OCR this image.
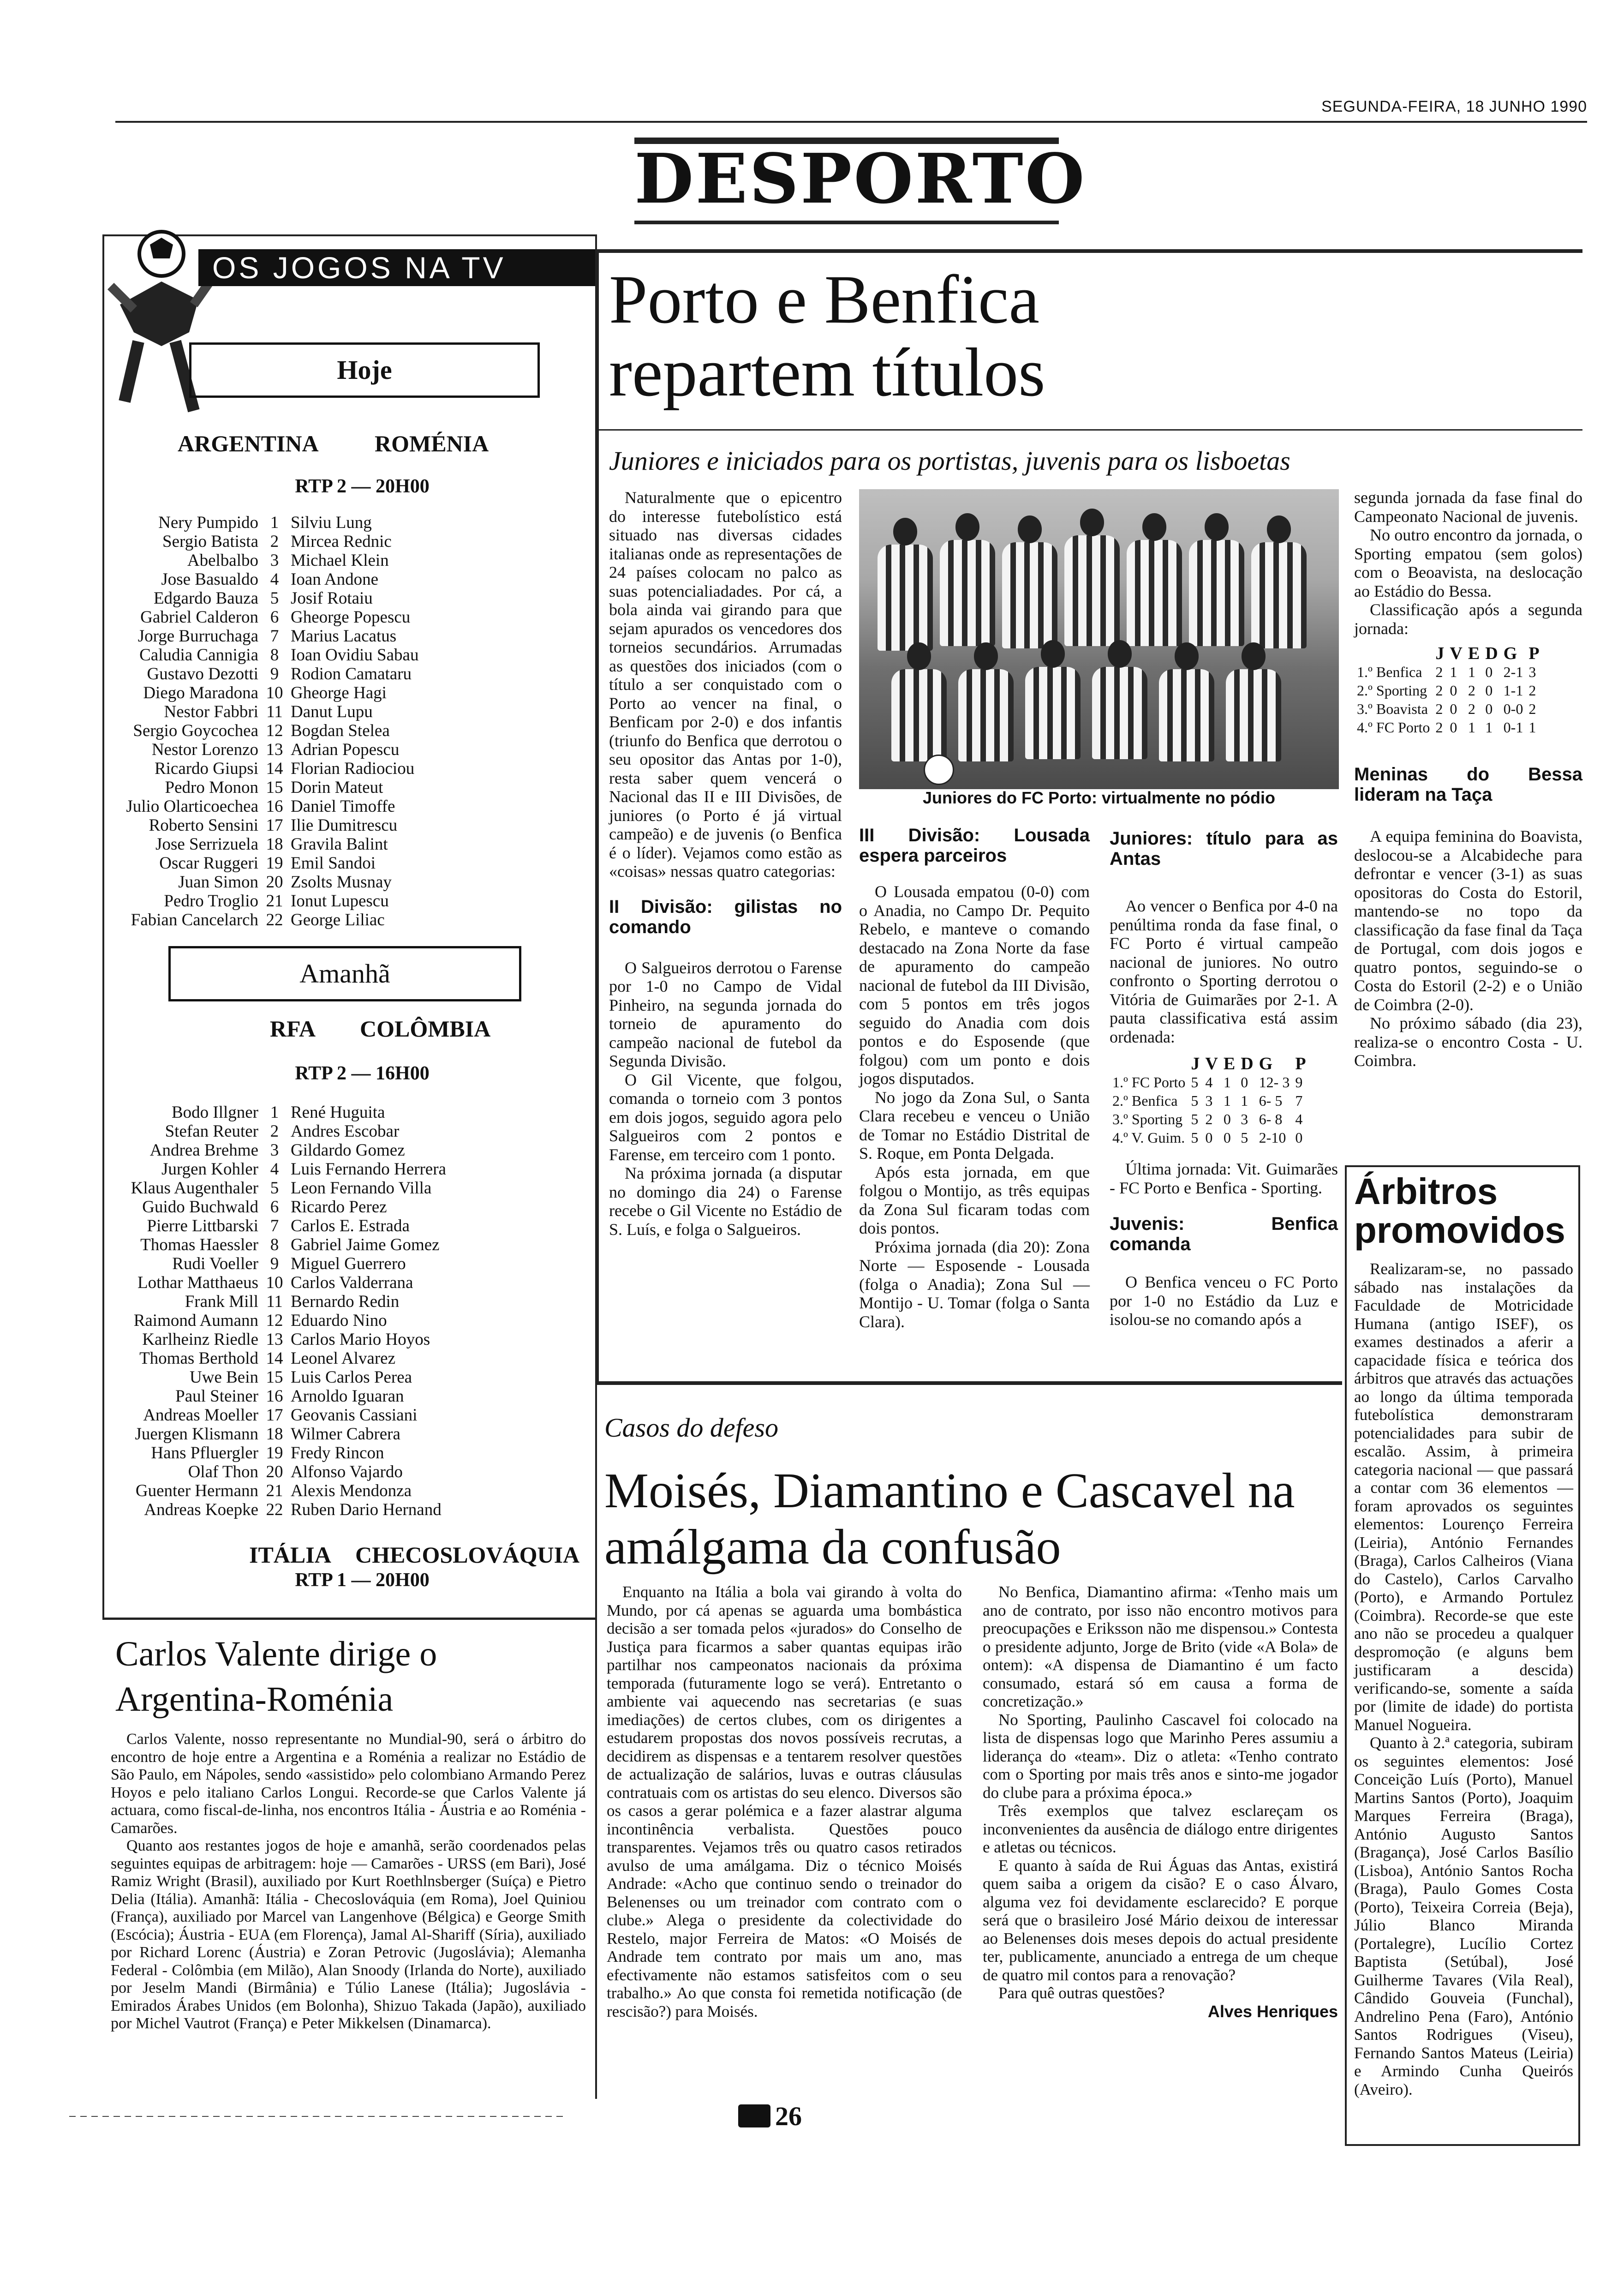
SEGUNDA-FEIRA, 18 JUNHO 1990
DESPORTO
OS JOGOS NA TV
Hoje
ARGENTINA ROMÉNIA
RTP 2 — 20H00
Nery Pumpido 1 Silviu Lung
Sergio Batista 2 Mircea Rednic
Abelbalbo 3 Michael Klein
Jose Basualdo 4 Ioan Andone
Edgardo Bauza 5 Josif Rotaiu
Gabriel Calderon 6 Gheorge Popescu
Jorge Burruchaga 7 Marius Lacatus
Caludia Cannigia 8 Ioan Ovidiu Sabau
Gustavo Dezotti 9 Rodion Camataru
Diego Maradona 10 Gheorge Hagi
Nestor Fabbri 11 Danut Lupu
Sergio Goycochea 12 Bogdan Stelea
Nestor Lorenzo 13 Adrian Popescu
Ricardo Giupsi 14 Florian Radiociou
Pedro Monon 15 Dorin Mateut
Julio Olarticoechea 16 Daniel Timoffe
Roberto Sensini 17 Ilie Dumitrescu
Jose Serrizuela 18 Gravila Balint
Oscar Ruggeri 19 Emil Sandoi
Juan Simon 20 Zsolts Musnay
Pedro Troglio 21 Ionut Lupescu
Fabian Cancelarch 22 George Liliac
Amanhã
RFA COLÔMBIA
RTP 2 — 16H00
Bodo Illgner 1 René Huguita
Stefan Reuter 2 Andres Escobar
Andrea Brehme 3 Gildardo Gomez
Jurgen Kohler 4 Luis Fernando Herrera
Klaus Augenthaler 5 Leon Fernando Villa
Guido Buchwald 6 Ricardo Perez
Pierre Littbarski 7 Carlos E. Estrada
Thomas Haessler 8 Gabriel Jaime Gomez
Rudi Voeller 9 Miguel Guerrero
Lothar Matthaeus 10 Carlos Valderrana
Frank Mill 11 Bernardo Redin
Raimond Aumann 12 Eduardo Nino
Karlheinz Riedle 13 Carlos Mario Hoyos
Thomas Berthold 14 Leonel Alvarez
Uwe Bein 15 Luis Carlos Perea
Paul Steiner 16 Arnoldo Iguaran
Andreas Moeller 17 Geovanis Cassiani
Juergen Klismann 18 Wilmer Cabrera
Hans Pfluergler 19 Fredy Rincon
Olaf Thon 20 Alfonso Vajardo
Guenter Hermann 21 Alexis Mendonza
Andreas Koepke 22 Ruben Dario Hernand
ITÁLIA CHECOSLOVÁQUIA
RTP 1 — 20H00
Carlos Valente dirige o Argentina-Roménia

Carlos Valente, nosso representante no Mundial-90, será o árbitro do encontro de hoje entre a Argentina e a Roménia a realizar no Estádio de São Paulo, em Nápoles, sendo «assistido» pelo colombiano Armando Perez Hoyos e pelo italiano Carlos Longui. Recorde-se que Carlos Valente já actuara, como fiscal-de-linha, nos encontros Itália - Áustria e ao Roménia - Camarões.

Quanto aos restantes jogos de hoje e amanhã, serão coordenados pelas seguintes equipas de arbitragem: hoje — Camarões - URSS (em Bari), José Ramiz Wright (Brasil), auxiliado por Kurt Roethlnsberger (Suíça) e Pietro Delia (Itália). Amanhã: Itália - Checoslováquia (em Roma), Joel Quiniou (França), auxiliado por Marcel van Langenhove (Bélgica) e George Smith (Escócia); Áustria - EUA (em Florença), Jamal Al-Shariff (Síria), auxiliado por Richard Lorenc (Áustria) e Zoran Petrovic (Jugoslávia); Alemanha Federal - Colômbia (em Milão), Alan Snoody (Irlanda do Norte), auxiliado por Jeselm Mandi (Birmânia) e Túlio Lanese (Itália); Jugoslávia - Emirados Árabes Unidos (em Bolonha), Shizuo Takada (Japão), auxiliado por Michel Vautrot (França) e Peter Mikkelsen (Dinamarca).

Porto e Benfica repartem títulos
Juniores e iniciados para os portistas, juvenis para os lisboetas

Naturalmente que o epicentro do interesse futebolístico está situado nas diversas cidades italianas onde as representações de 24 países colocam no palco as suas potencialiadades. Por cá, a bola ainda vai girando para que sejam apurados os vencedores dos torneios secundários. Arrumadas as questões dos iniciados (com o título a ser conquistado com o Porto ao vencer na final, o Benficam por 2-0) e dos infantis (triunfo do Benfica que derrotou o seu opositor das Antas por 1-0), resta saber quem vencerá o Nacional das II e III Divisões, de juniores (o Porto é já virtual campeão) e de juvenis (o Benfica é o líder). Vejamos como estão as «coisas» nessas quatro categorias:

II Divisão: gilistas no comando

O Salgueiros derrotou o Farense por 1-0 no Campo de Vidal Pinheiro, na segunda jornada do torneio de apuramento do campeão nacional de futebol da Segunda Divisão.

O Gil Vicente, que folgou, comanda o torneio com 3 pontos em dois jogos, seguido agora pelo Salgueiros com 2 pontos e Farense, em terceiro com 1 ponto.

Na próxima jornada (a disputar no domingo dia 24) o Farense recebe o Gil Vicente no Estádio de S. Luís, e folga o Salgueiros.

Juniores do FC Porto: virtualmente no pódio
III Divisão: Lousada espera parceiros

O Lousada empatou (0-0) com o Anadia, no Campo Dr. Pequito Rebelo, e manteve o comando destacado na Zona Norte da fase de apuramento do campeão nacional de futebol da III Divisão, com 5 pontos em três jogos seguido do Anadia com dois pontos e do Esposende (que folgou) com um ponto e dois jogos disputados.

No jogo da Zona Sul, o Santa Clara recebeu e venceu o União de Tomar no Estádio Distrital de S. Roque, em Ponta Delgada.

Após esta jornada, em que folgou o Montijo, as três equipas da Zona Sul ficaram todas com dois pontos.

Próxima jornada (dia 20): Zona Norte — Esposende - Lousada (folga o Anadia); Zona Sul — Montijo - U. Tomar (folga o Santa Clara).

Juniores: título para as Antas

Ao vencer o Benfica por 4-0 na penúltima ronda da fase final, o FC Porto é virtual campeão nacional de juniores. No outro confronto o Sporting derrotou o Vitória de Guimarães por 2-1. A pauta classificativa está assim ordenada:

	J	V	E	D	G	P
1.º FC Porto	5	4	1	0	12- 3	9
2.º Benfica	5	3	1	1	6- 5	7
3.º Sporting	5	2	0	3	6- 8	4
4.º V. Guim.	5	0	0	5	2-10	0

Última jornada: Vit. Guimarães - FC Porto e Benfica - Sporting.

Juvenis: Benfica comanda

O Benfica venceu o FC Porto por 1-0 no Estádio da Luz e isolou-se no comando após a

segunda jornada da fase final do Campeonato Nacional de juvenis.

No outro encontro da jornada, o Sporting empatou (sem golos) com o Beoavista, na deslocação ao Estádio do Bessa.

Classificação após a segunda jornada:

	J	V	E	D	G	P
1.º Benfica	2	1	1	0	2-1	3
2.º Sporting	2	0	2	0	1-1	2
3.º Boavista	2	0	2	0	0-0	2
4.º FC Porto	2	0	1	1	0-1	1
Meninas do Bessa lideram na Taça

A equipa feminina do Boavista, deslocou-se a Alcabideche para defrontar e vencer (3-1) as suas opositoras do Costa do Estoril, mantendo-se no topo da classificação da fase final da Taça de Portugal, com dois jogos e quatro pontos, seguindo-se o Costa do Estoril (2-2) e o União de Coimbra (2-0).

No próximo sábado (dia 23), realiza-se o encontro Costa - U. Coimbra.

Árbitros promovidos

Realizaram-se, no passado sábado nas instalações da Faculdade de Motricidade Humana (antigo ISEF), os exames destinados a aferir a capacidade física e teórica dos árbitros que através das actuações ao longo da última temporada futebolística demonstraram potencialidades para subir de escalão. Assim, à primeira categoria nacional — que passará a contar com 36 elementos — foram aprovados os seguintes elementos: Lourenço Ferreira (Leiria), António Fernandes (Braga), Carlos Calheiros (Viana do Castelo), Carlos Carvalho (Porto), e Armando Portulez (Coimbra). Recorde-se que este ano não se procedeu a qualquer despromoção (e alguns bem justificaram a descida) verificando-se, somente a saída por (limite de idade) do portista Manuel Nogueira.

Quanto à 2.ª categoria, subiram os seguintes elementos: José Conceição Luís (Porto), Manuel Martins Santos (Porto), Joaquim Marques Ferreira (Braga), António Augusto Santos (Bragança), José Carlos Basílio (Lisboa), António Santos Rocha (Braga), Paulo Gomes Costa (Porto), Teixeira Correia (Beja), Júlio Blanco Miranda (Portalegre), Lucílio Cortez Baptista (Setúbal), José Guilherme Tavares (Vila Real), Cândido Gouveia (Funchal), Andrelino Pena (Faro), António Santos Rodrigues (Viseu), Fernando Santos Mateus (Leiria) e Armindo Cunha Queirós (Aveiro).

Casos do defeso
Moisés, Diamantino e Cascavel na amálgama da confusão

Enquanto na Itália a bola vai girando à volta do Mundo, por cá apenas se aguarda uma bombástica decisão a ser tomada pelos «jurados» do Conselho de Justiça para ficarmos a saber quantas equipas irão partilhar nos campeonatos nacionais da próxima temporada (futuramente logo se verá). Entretanto o ambiente vai aquecendo nas secretarias (e suas imediações) de certos clubes, com os dirigentes a estudarem propostas dos novos possíveis recrutas, a decidirem as dispensas e a tentarem resolver questões de actualização de salários, luvas e outras cláusulas contratuais com os artistas do seu elenco. Diversos são os casos a gerar polémica e a fazer alastrar alguma incontinência verbalista. Questões pouco transparentes. Vejamos três ou quatro casos retirados avulso de uma amálgama. Diz o técnico Moisés Andrade: «Acho que continuo sendo o treinador do Belenenses ou um treinador com contrato com o clube.» Alega o presidente da colectividade do Restelo, major Ferreira de Matos: «O Moisés de Andrade tem contrato por mais um ano, mas efectivamente não estamos satisfeitos com o seu trabalho.» Ao que consta foi remetida notificação (de rescisão?) para Moisés.

No Benfica, Diamantino afirma: «Tenho mais um ano de contrato, por isso não encontro motivos para preocupações e Eriksson não me dispensou.» Contesta o presidente adjunto, Jorge de Brito (vide «A Bola» de ontem): «A dispensa de Diamantino é um facto consumado, estará só em causa a forma de concretização.»

No Sporting, Paulinho Cascavel foi colocado na lista de dispensas logo que Marinho Peres assumiu a liderança do «team». Diz o atleta: «Tenho contrato com o Sporting por mais três anos e sinto-me jogador do clube para a próxima época.»

Três exemplos que talvez esclareçam os inconvenientes da ausência de diálogo entre dirigentes e atletas ou técnicos.

E quanto à saída de Rui Águas das Antas, existirá quem saiba a origem da cisão? E o caso Álvaro, alguma vez foi devidamente esclarecido? E porque será que o brasileiro José Mário deixou de interessar ao Belenenses dois meses depois do actual presidente ter, publicamente, anunciado a entrega de um cheque de quatro mil contos para a renovação?

Para quê outras questões?

Alves Henriques
26
